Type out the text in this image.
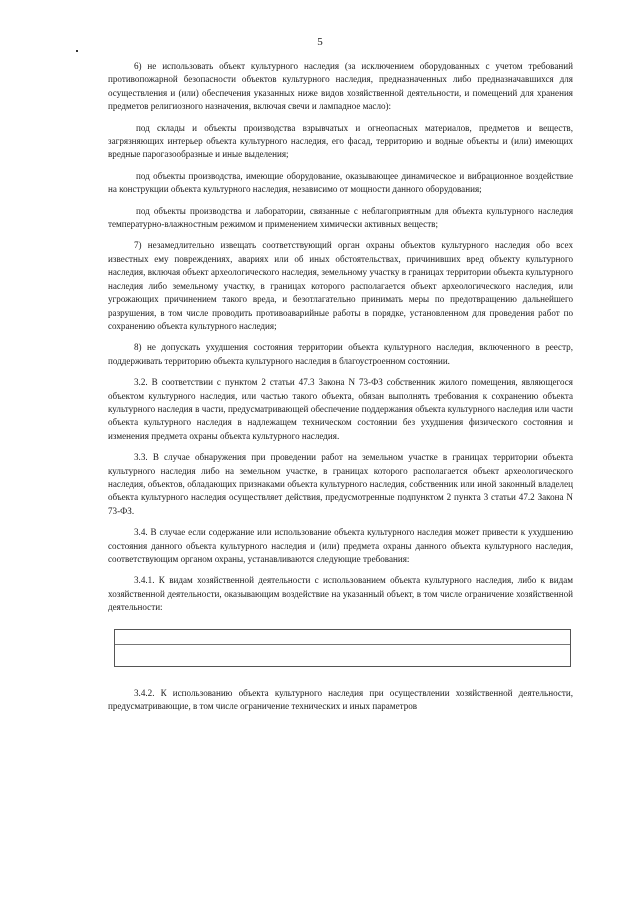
5

6) не использовать объект культурного наследия (за исключением оборудованных с учетом требований противопожарной безопасности объектов культурного наследия, предназначенных либо предназначавшихся для осуществления и (или) обеспечения указанных ниже видов хозяйственной деятельности, и помещений для хранения предметов религиозного назначения, включая свечи и лампадное масло):

под склады и объекты производства взрывчатых и огнеопасных материалов, предметов и веществ, загрязняющих интерьер объекта культурного наследия, его фасад, территорию и водные объекты и (или) имеющих вредные парогазообразные и иные выделения;

под объекты производства, имеющие оборудование, оказывающее динамическое и вибрационное воздействие на конструкции объекта культурного наследия, независимо от мощности данного оборудования;

под объекты производства и лаборатории, связанные с неблагоприятным для объекта культурного наследия температурно-влажностным режимом и применением химически активных веществ;

7) незамедлительно извещать соответствующий орган охраны объектов культурного наследия обо всех известных ему повреждениях, авариях или об иных обстоятельствах, причинивших вред объекту культурного наследия, включая объект археологического наследия, земельному участку в границах территории объекта культурного наследия либо земельному участку, в границах которого располагается объект археологического наследия, или угрожающих причинением такого вреда, и безотлагательно принимать меры по предотвращению дальнейшего разрушения, в том числе проводить противоаварийные работы в порядке, установленном для проведения работ по сохранению объекта культурного наследия;

8) не допускать ухудшения состояния территории объекта культурного наследия, включенного в реестр, поддерживать территорию объекта культурного наследия в благоустроенном состоянии.

3.2. В соответствии с пунктом 2 статьи 47.3 Закона N 73-ФЗ собственник жилого помещения, являющегося объектом культурного наследия, или частью такого объекта, обязан выполнять требования к сохранению объекта культурного наследия в части, предусматривающей обеспечение поддержания объекта культурного наследия или части объекта культурного наследия в надлежащем техническом состоянии без ухудшения физического состояния и изменения предмета охраны объекта культурного наследия.

3.3. В случае обнаружения при проведении работ на земельном участке в границах территории объекта культурного наследия либо на земельном участке, в границах которого располагается объект археологического наследия, объектов, обладающих признаками объекта культурного наследия, собственник или иной законный владелец объекта культурного наследия осуществляет действия, предусмотренные подпунктом 2 пункта 3 статьи 47.2 Закона N 73-ФЗ.

3.4. В случае если содержание или использование объекта культурного наследия может привести к ухудшению состояния данного объекта культурного наследия и (или) предмета охраны данного объекта культурного наследия, соответствующим органом охраны, устанавливаются следующие требования:

3.4.1. К видам хозяйственной деятельности с использованием объекта культурного наследия, либо к видам хозяйственной деятельности, оказывающим воздействие на указанный объект, в том числе ограничение хозяйственной деятельности:

3.4.2. К использованию объекта культурного наследия при осуществлении хозяйственной деятельности, предусматривающие, в том числе ограничение технических и иных параметров
